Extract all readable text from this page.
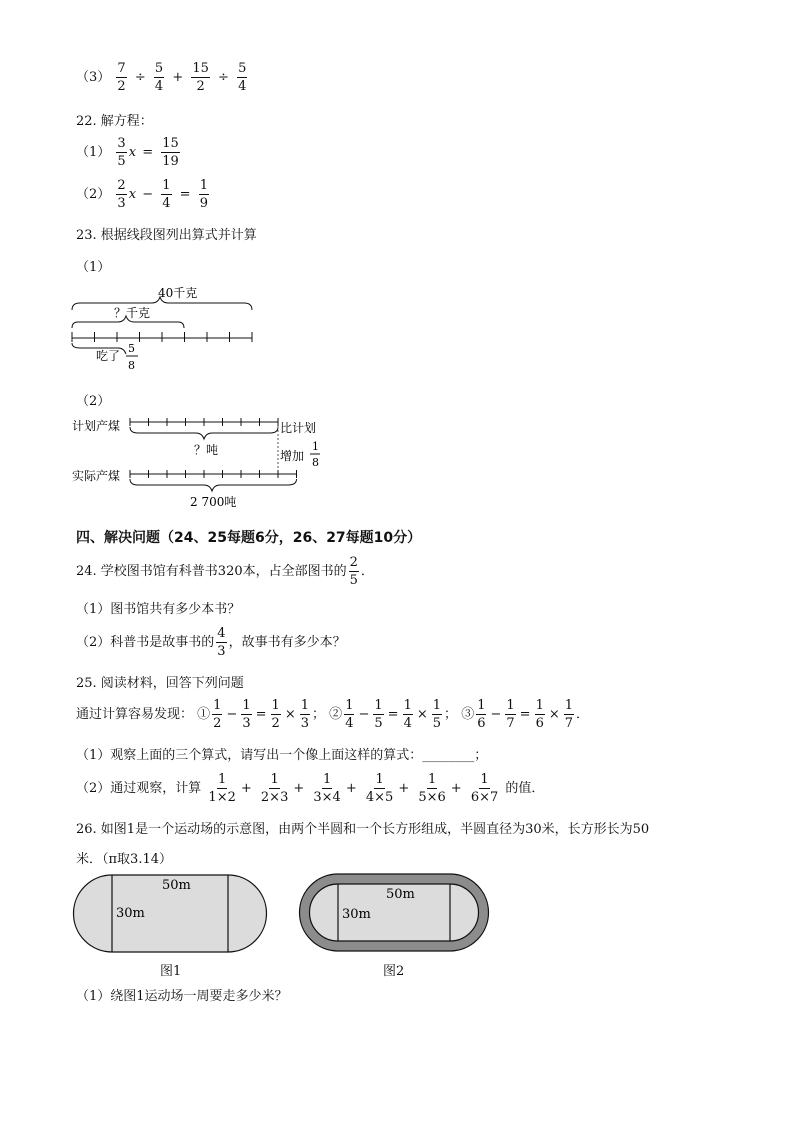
$(3) \frac{7}{2} \div \frac{5}{4} + \frac{15}{2} \div \frac{5}{4}$
22. 解方程：
$(1) \frac{3}{5}$ $x = \frac{15}{19}$
$(2) \frac{2}{3}$ $x - \frac{1}{4} = \frac{1}{9}$
23. 根据线段图列出算式并计算
（1）
40千克
？千克
吃了
5
8
（2）
计划产煤
？吨
比计划
增加
1
8
实际产煤
2 700吨
四、解决问题（24、25每题6分，26、27每题10分）
24. 学校图书馆有科普书320本，占全部图书的 $\frac{2}{5}$ ．
（1）图书馆共有多少本书？
（2）科普书是故事书的 $\frac{4}{3}$ ，故事书有多少本？
25. 阅读材料，回答下列问题
通过计算容易发现： ① $\frac{1}{2} - \frac{1}{3} = \frac{1}{2} \times \frac{1}{3}$ ； ② $\frac{1}{4} - \frac{1}{5} = \frac{1}{4} \times \frac{1}{5}$ ； ③ $\frac{1}{6} - \frac{1}{7} = \frac{1}{6} \times \frac{1}{7}$ ．
（1）观察上面的三个算式，请写出一个像上面这样的算式：________；
（2）通过观察，计算 $\frac{1}{1\times 2} + \frac{1}{2\times 3} + \frac{1}{3\times 4} + \frac{1}{4\times 5} + \frac{1}{5\times 6} + \frac{1}{6\times 7}$ 的值．
26. 如图1是一个运动场的示意图，由两个半圆和一个长方形组成，半圆直径为30米，长方形长为50
米．（π取3.14）
50m
30m
图1
50m
30m
图2
（1）绕图1运动场一周要走多少米？
